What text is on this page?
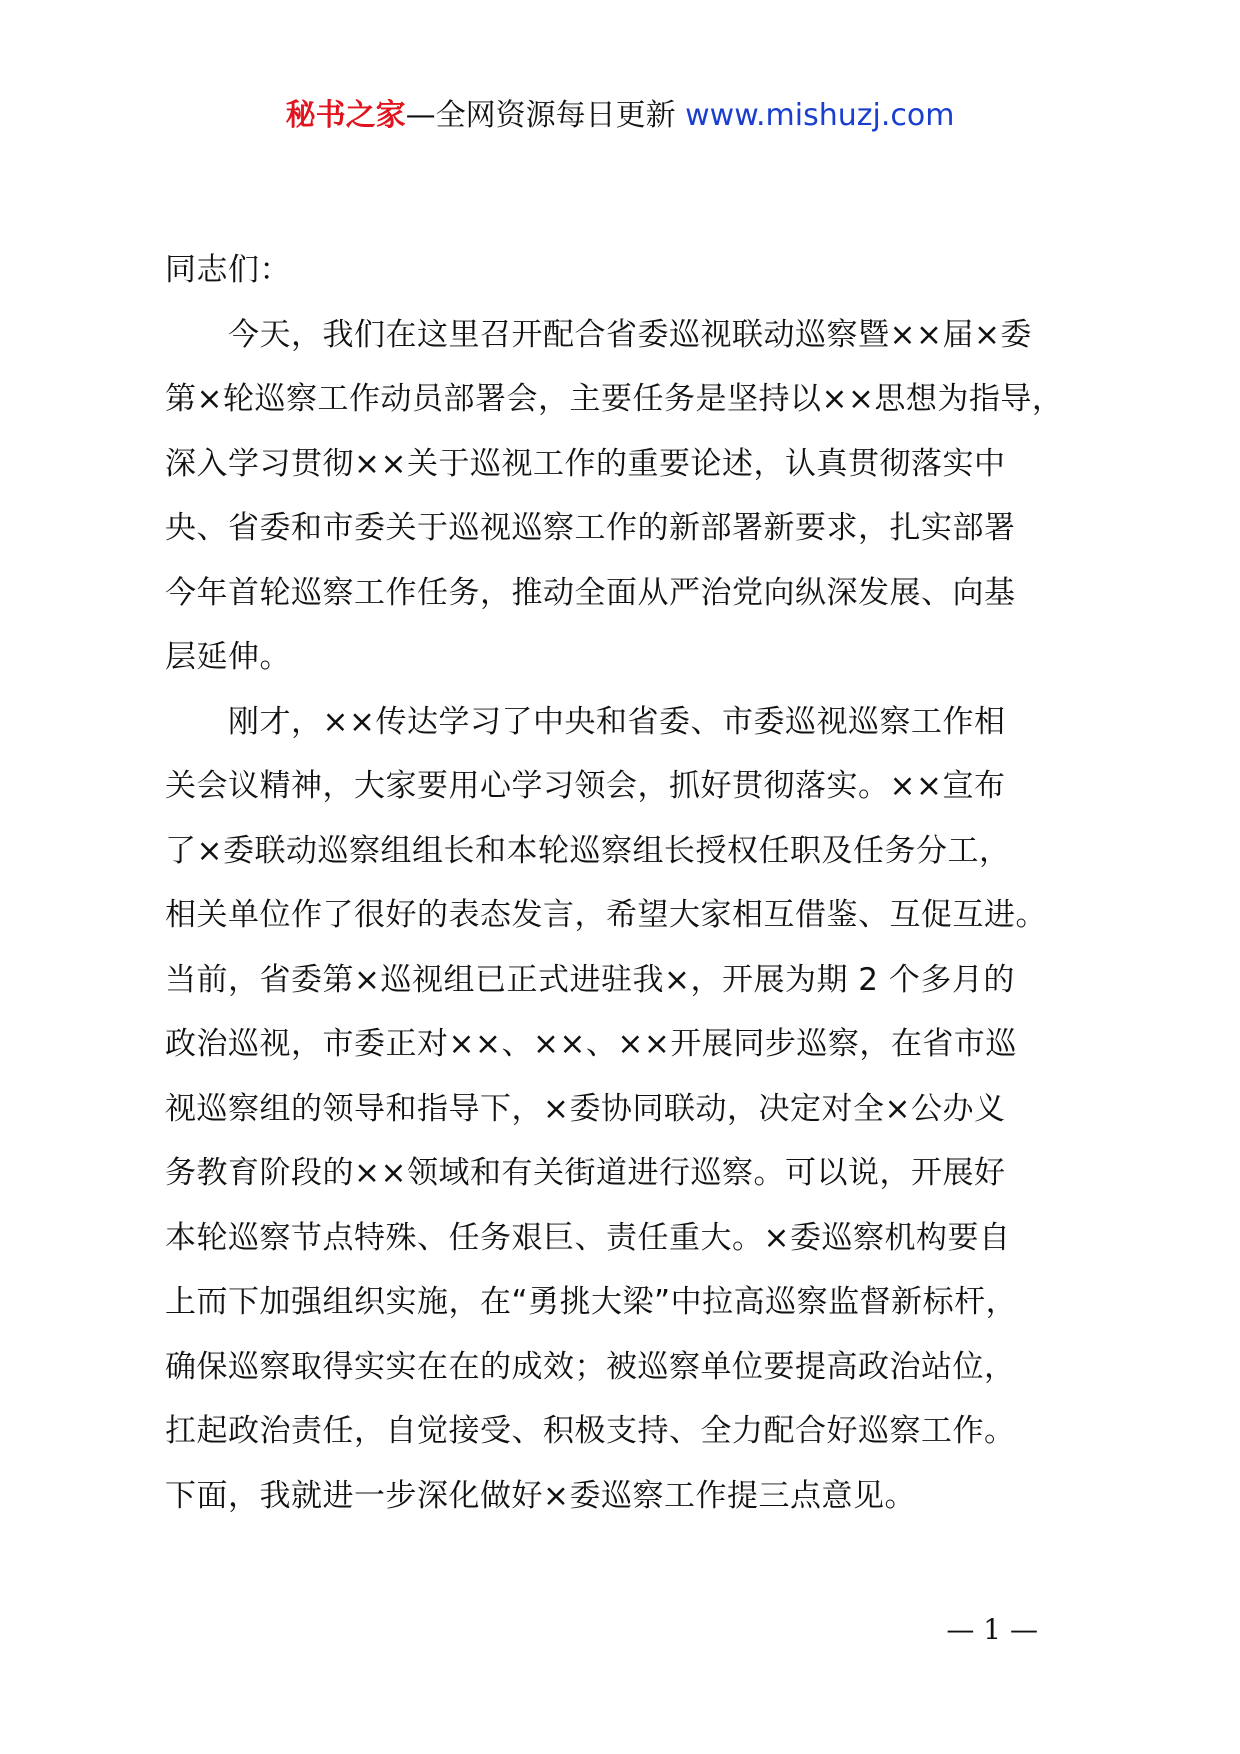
秘书之家—全网资源每日更新 www.mishuzj.com
同志们：
　　今天，我们在这里召开配合省委巡视联动巡察暨××届×委
第×轮巡察工作动员部署会，主要任务是坚持以××思想为指导，
深入学习贯彻××关于巡视工作的重要论述，认真贯彻落实中
央、省委和市委关于巡视巡察工作的新部署新要求，扎实部署
今年首轮巡察工作任务，推动全面从严治党向纵深发展、向基
层延伸。
　　刚才，××传达学习了中央和省委、市委巡视巡察工作相
关会议精神，大家要用心学习领会，抓好贯彻落实。××宣布
了×委联动巡察组组长和本轮巡察组长授权任职及任务分工，
相关单位作了很好的表态发言，希望大家相互借鉴、互促互进。
当前，省委第×巡视组已正式进驻我×，开展为期 2 个多月的
政治巡视，市委正对××、××、××开展同步巡察，在省市巡
视巡察组的领导和指导下，×委协同联动，决定对全×公办义
务教育阶段的××领域和有关街道进行巡察。可以说，开展好
本轮巡察节点特殊、任务艰巨、责任重大。×委巡察机构要自
上而下加强组织实施，在“勇挑大梁”中拉高巡察监督新标杆，
确保巡察取得实实在在的成效；被巡察单位要提高政治站位，
扛起政治责任，自觉接受、积极支持、全力配合好巡察工作。
下面，我就进一步深化做好×委巡察工作提三点意见。
— 1 —
